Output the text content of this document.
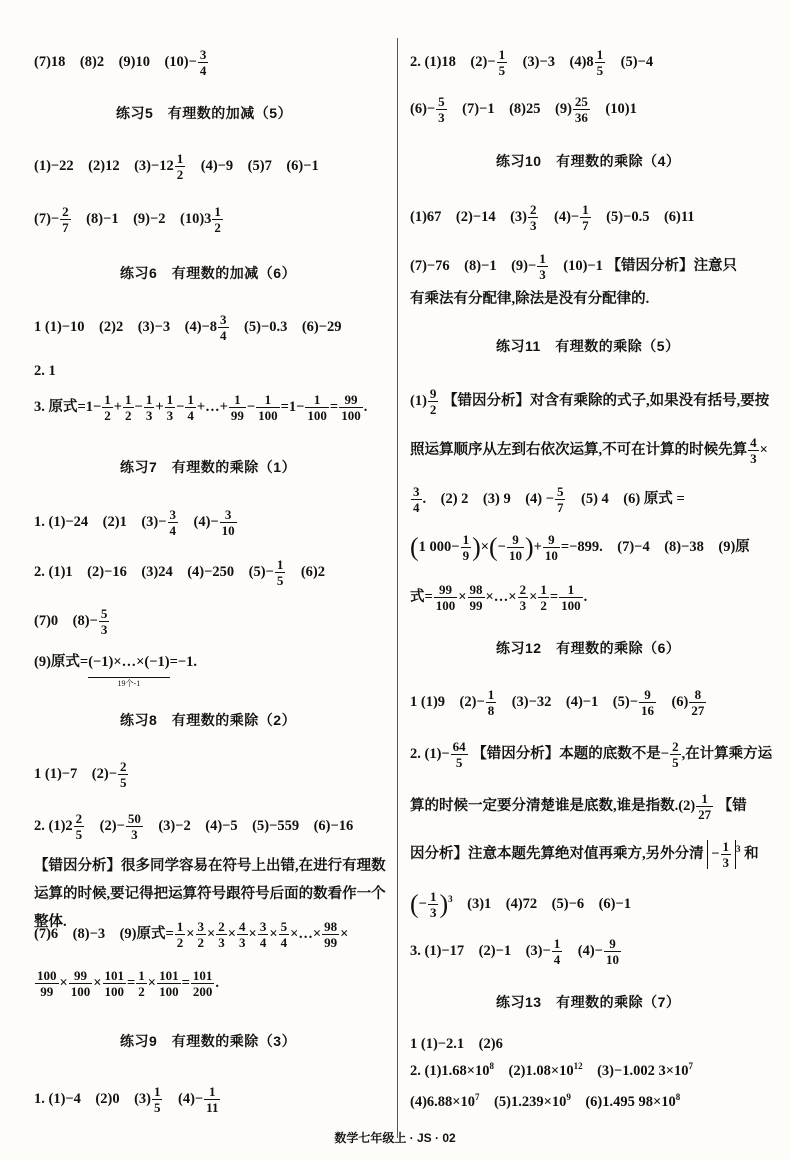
(7)18　(8)2　(9)10　$(10)- \frac{3}{4}$
练习5　有理数的加减（5）
(1)−22　(2)12　$(3)-12 \frac{1}{2}$ 　(4)−9　(5)7　(6)−1
$(7)- \frac{2}{7}$ 　(8)−1　(9)−2　$(10)3 \frac{1}{2}$
练习6　有理数的加减（6）
1 (1)−10　(2)2　(3)−3　$(4)-8 \frac{3}{4}$ 　(5)−0.3　(6)−29
2. 1
3. 原式$=1- \frac{1}{2} + \frac{1}{2} - \frac{1}{3} + \frac{1}{3} - \frac{1}{4}$ +…+ $\frac{1}{99} - \frac{1}{100} =1- \frac{1}{100} = \frac{99}{100}$ .
练习7　有理数的乘除（1）
1. (1)−24　(2)1　$(3)- \frac{3}{4}$ 　$(4)- \frac{3}{10}$
2. (1)1　(2)−16　(3)24　(4)−250　$(5)- \frac{1}{5}$ 　(6)2
(7)0　$(8)- \frac{5}{3}$
(9)原式=(−1)×…×(−1)
19个-1
=−1.
练习8　有理数的乘除（2）
1 (1)−7　$(2)- \frac{2}{5}$
2. $(1)2 \frac{2}{5}$ 　$(2)- \frac{50}{3}$ 　(3)−2　(4)−5　(5)−559　(6)−16
【错因分析】很多同学容易在符号上出错,在进行有理数运算的时候,要记得把运算符号跟符号后面的数看作一个整体.
(7)6　(8)−3　(9)原式= $\frac{1}{2} \times \frac{3}{2} \times \frac{2}{3} \times \frac{4}{3} \times \frac{3}{4} \times \frac{5}{4}$ ×…× $\frac{98}{99}$ ×
$\frac{100}{99} \times \frac{99}{100} \times \frac{101}{100} = \frac{1}{2} \times \frac{101}{100} = \frac{101}{200}$ .
练习9　有理数的乘除（3）
1. (1)−4　(2)0　$(3) \frac{1}{5}$ 　$(4)- \frac{1}{11}$
2. (1)18　$(2)- \frac{1}{5}$ 　(3)−3　$(4)8 \frac{1}{5}$ 　(5)−4
$(6)- \frac{5}{3}$ 　(7)−1　(8)25　$(9) \frac{25}{36}$ 　(10)1
练习10　有理数的乘除（4）
(1)67　(2)−14　$(3) \frac{2}{3}$ 　$(4)- \frac{1}{7}$ 　(5)−0.5　(6)11
(7)−76　(8)−1　$(9)- \frac{1}{3}$ 　(10)−1 【错因分析】注意只
有乘法有分配律,除法是没有分配律的.
练习11　有理数的乘除（5）
$(1) \frac{9}{2}$ 【错因分析】对含有乘除的式子,如果没有括号,要按
照运算顺序从左到右依次运算,不可在计算的时候先算 $\frac{4}{3}$ ×
$\frac{3}{4}$ .　(2) 2　(3) 9　$(4) - \frac{5}{7}$ 　(5) 4　(6) 原式 =
(1 $000- \frac{1}{9}$ )×(− $\frac{9}{10}$ )+ $\frac{9}{10} =-899$.　(7)−4　(8)−38　(9)原
式= $\frac{99}{100} \times \frac{98}{99}$ ×…× $\frac{2}{3} \times \frac{1}{2} = \frac{1}{100}$ .
练习12　有理数的乘除（6）
1 (1)9　$(2)- \frac{1}{8}$ 　(3)−32　(4)−1　$(5)- \frac{9}{16}$ 　$(6) \frac{8}{27}$
2. $(1)- \frac{64}{5}$ 【错因分析】本题的底数不是− $\frac{2}{5}$ ,在计算乘方运
算的时候一定要分清楚谁是底数,谁是指数$.(2) \frac{1}{27}$ 【错
因分析】注意本题先算绝对值再乘方,另外分清 − $\frac{1}{3} ^3$ 和
(− $\frac{1}{3} )^3$　(3)1　(4)72　(5)−6　(6)−1
3. (1)−17　(2)−1　$(3)- \frac{1}{4}$ 　$(4)- \frac{9}{10}$
练习13　有理数的乘除（7）
1 (1)−2.1　(2)6
2. $(1)1.68\times 10^8$　$(2)1.08\times 10^{12}$　(3)−1.002 $3\times 10^7$
$(4)6.88\times 10^7$　$(5)1.239\times 10^9$　(6)1.495 $98\times 10^8$
数学七年级上 · JS · 02
